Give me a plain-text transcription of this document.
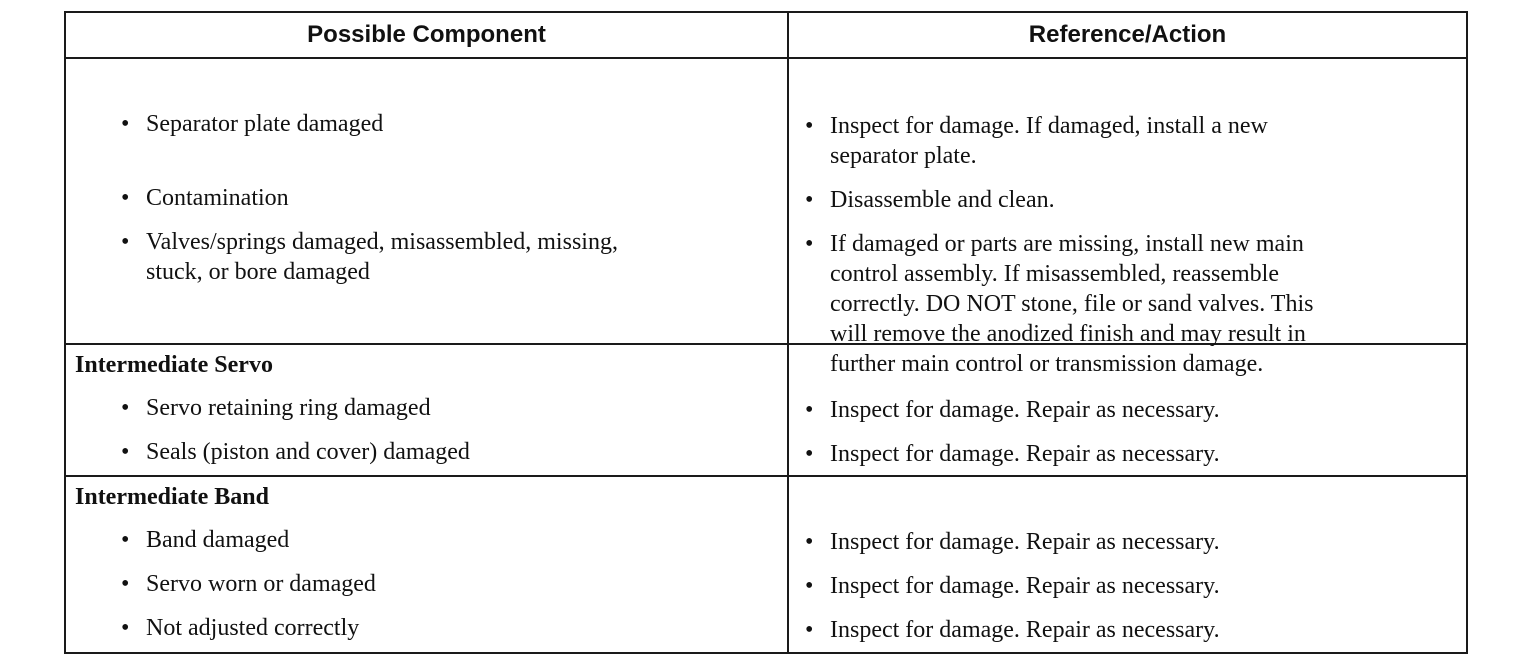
Possible Component	Reference/Action
• Separator plate damaged
• Contamination
• Valves/springs damaged, misassembled, missing,
stuck, or bore damaged
• Inspect for damage. If damaged, install a new
separator plate.
• Disassemble and clean.
• If damaged or parts are missing, install new main
control assembly. If misassembled, reassemble
correctly. DO NOT stone, file or sand valves. This
will remove the anodized finish and may result in
further main control or transmission damage.
Intermediate Servo
• Servo retaining ring damaged
• Seals (piston and cover) damaged
• Inspect for damage. Repair as necessary.
• Inspect for damage. Repair as necessary.
Intermediate Band
• Band damaged
• Servo worn or damaged
• Not adjusted correctly
• Inspect for damage. Repair as necessary.
• Inspect for damage. Repair as necessary.
• Inspect for damage. Repair as necessary.
